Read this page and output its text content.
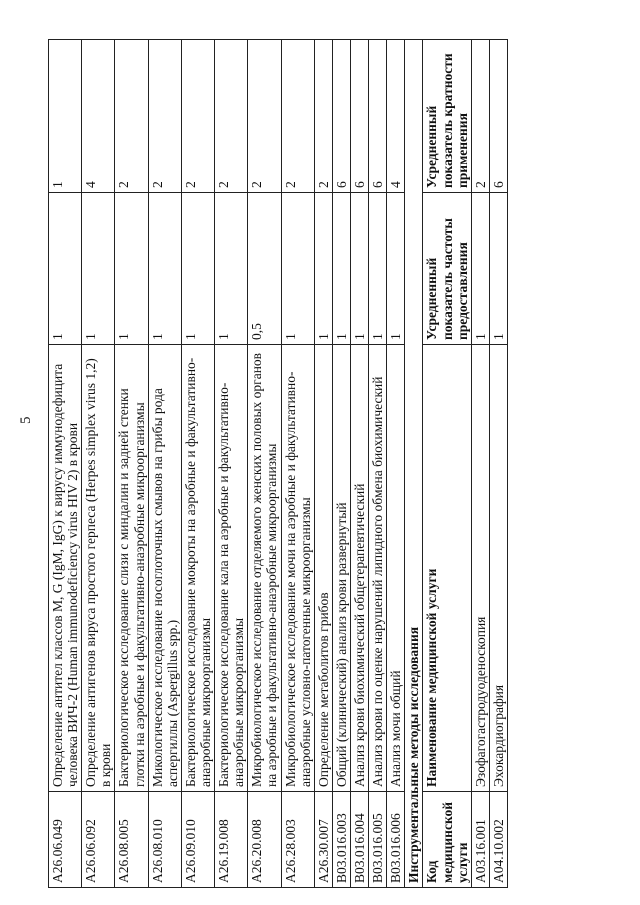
5
A26.06.049	Определение антител классов M, G (IgM, IgG) к вирусу иммунодефицита человека ВИЧ-2 (Human immunodeficiency virus HIV 2) в крови	1	1
A26.06.092	Определение антигенов вируса простого герпеса (Herpes simplex virus 1,2) в крови	1	4
A26.08.005	Бактериологическое исследование слизи с миндалин и задней стенки глотки на аэробные и факультативно-анаэробные микроорганизмы	1	2
A26.08.010	Микологическое исследование носоглоточных смывов на грибы рода аспергиллы (Aspergillus spp.)	1	2
A26.09.010	Бактериологическое исследование мокроты на аэробные и факультативно-анаэробные микроорганизмы	1	2
A26.19.008	Бактериологическое исследование кала на аэробные и факультативно-анаэробные микроорганизмы	1	2
A26.20.008	Микробиологическое исследование отделяемого женских половых органов на аэробные и факультативно-анаэробные микроорганизмы	0,5	2
A26.28.003	Микробиологическое исследование мочи на аэробные и факультативно-анаэробные условно-патогенные микроорганизмы	1	2
A26.30.007	Определение метаболитов грибов	1	2
B03.016.003	Общий (клинический) анализ крови развернутый	1	6
B03.016.004	Анализ крови биохимический общетерапевтический	1	6
B03.016.005	Анализ крови по оценке нарушений липидного обмена биохимический	1	6
B03.016.006	Анализ мочи общий	1	4
Инструментальные методы исследования			
Код медицинской услуги	Наименование медицинской услуги	Усредненный показатель частоты предоставления	Усредненный показатель кратности применения
A03.16.001	Эзофагогастродуоденоскопия	1	2
A04.10.002	Эхокардиография	1	6
